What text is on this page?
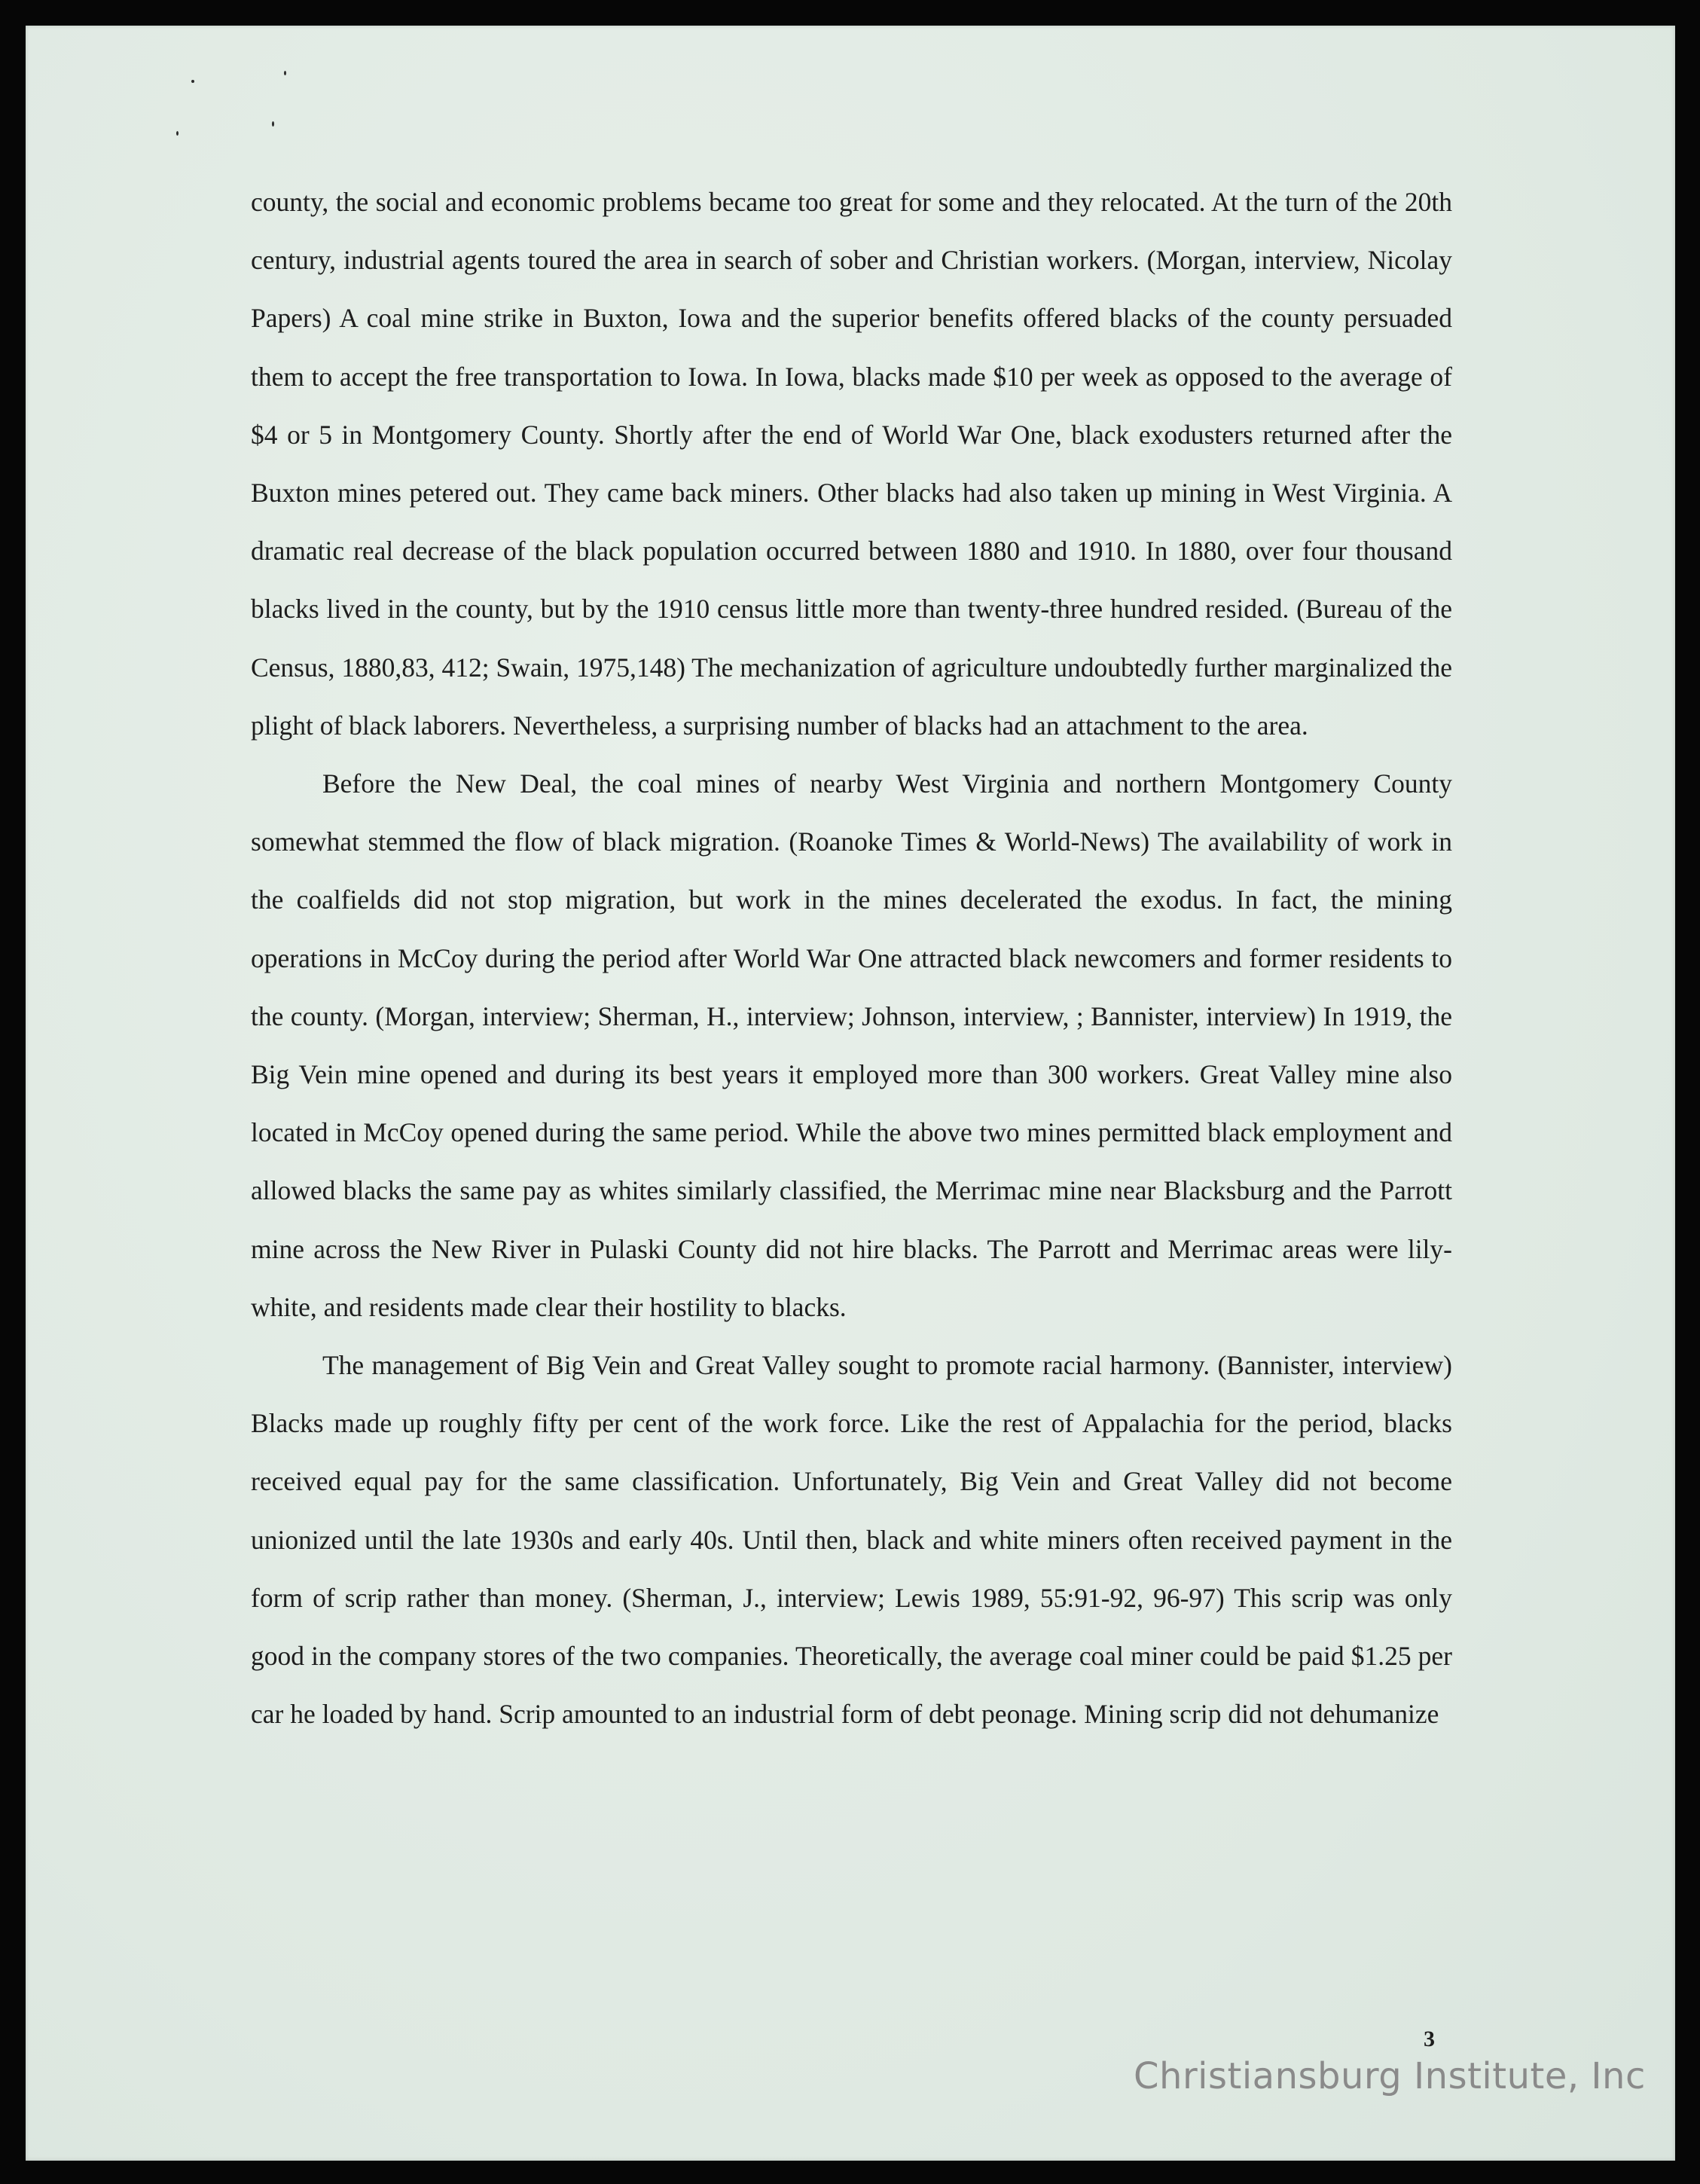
county, the social and economic problems became too great for some and they relocated. At the turn of the 20th century, industrial agents toured the area in search of sober and Christian workers. (Morgan, interview, Nicolay Papers) A coal mine strike in Buxton, Iowa and the superior benefits offered blacks of the county persuaded them to accept the free transportation to Iowa. In Iowa, blacks made $10 per week as opposed to the average of $4 or 5 in Montgomery County. Shortly after the end of World War One, black exodusters returned after the Buxton mines petered out. They came back miners. Other blacks had also taken up mining in West Virginia. A dramatic real decrease of the black population occurred between 1880 and 1910. In 1880, over four thousand blacks lived in the county, but by the 1910 census little more than twenty-three hundred resided. (Bureau of the Census, 1880,83, 412; Swain, 1975,148) The mechanization of agriculture undoubtedly further marginalized the plight of black laborers. Nevertheless, a surprising number of blacks had an attachment to the area.

Before the New Deal, the coal mines of nearby West Virginia and northern Montgomery County somewhat stemmed the flow of black migration. (Roanoke Times & World-News) The availability of work in the coalfields did not stop migration, but work in the mines decelerated the exodus. In fact, the mining operations in McCoy during the period after World War One attracted black newcomers and former residents to the county. (Morgan, interview; Sherman, H., interview; Johnson, interview, ; Bannister, interview) In 1919, the Big Vein mine opened and during its best years it employed more than 300 workers. Great Valley mine also located in McCoy opened during the same period. While the above two mines permitted black employment and allowed blacks the same pay as whites similarly classified, the Merrimac mine near Blacksburg and the Parrott mine across the New River in Pulaski County did not hire blacks. The Parrott and Merrimac areas were lily-white, and residents made clear their hostility to blacks.

The management of Big Vein and Great Valley sought to promote racial harmony. (Bannister, interview) Blacks made up roughly fifty per cent of the work force. Like the rest of Appalachia for the period, blacks received equal pay for the same classification. Unfortunately, Big Vein and Great Valley did not become unionized until the late 1930s and early 40s. Until then, black and white miners often received payment in the form of scrip rather than money. (Sherman, J., interview; Lewis 1989, 55:91-92, 96-97) This scrip was only good in the company stores of the two companies. Theoretically, the average coal miner could be paid $1.25 per car he loaded by hand. Scrip amounted to an industrial form of debt peonage. Mining scrip did not dehumanize

3
Christiansburg Institute, Inc
